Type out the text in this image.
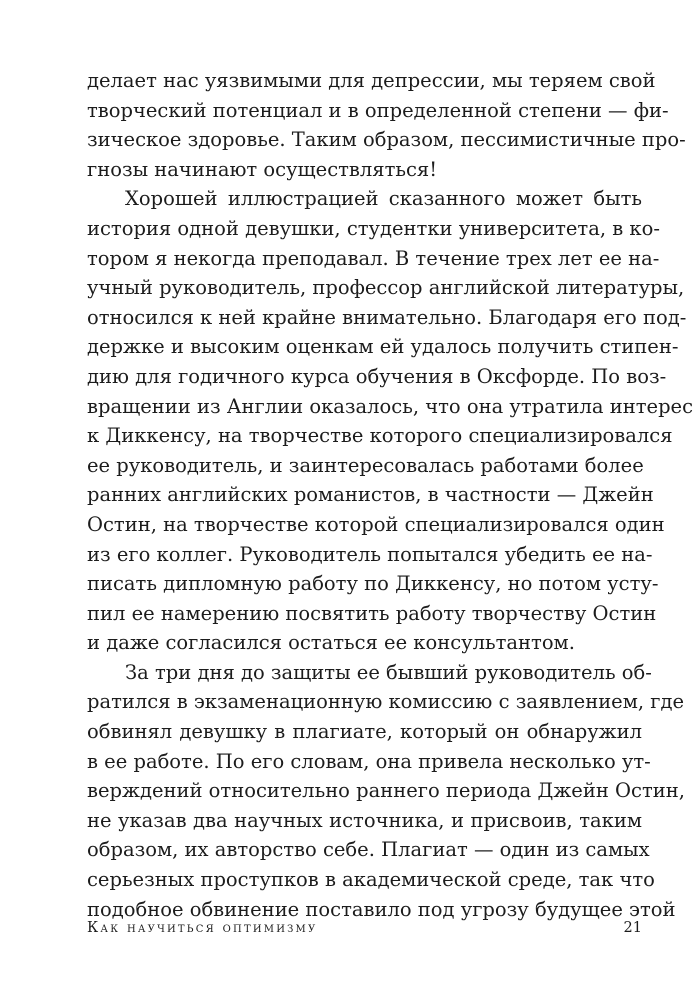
делает нас уязвимыми для депрессии, мы теряем свой
творческий потенциал и в определенной степени — фи-
зическое здоровье. Таким образом, пессимистичные про-
гнозы начинают осуществляться!
Хорошей иллюстрацией сказанного может быть
история одной девушки, студентки университета, в ко-
тором я некогда преподавал. В течение трех лет ее на-
учный руководитель, профессор английской литературы,
относился к ней крайне внимательно. Благодаря его под-
держке и высоким оценкам ей удалось получить стипен-
дию для годичного курса обучения в Оксфорде. По воз-
вращении из Англии оказалось, что она утратила интерес
к Диккенсу, на творчестве которого специализировался
ее руководитель, и заинтересовалась работами более
ранних английских романистов, в частности — Джейн
Остин, на творчестве которой специализировался один
из его коллег. Руководитель попытался убедить ее на-
писать дипломную работу по Диккенсу, но потом усту-
пил ее намерению посвятить работу творчеству Остин
и даже согласился остаться ее консультантом.
За три дня до защиты ее бывший руководитель об-
ратился в экзаменационную комиссию с заявлением, где
обвинял девушку в плагиате, который он обнаружил
в ее работе. По его словам, она привела несколько ут-
верждений относительно раннего периода Джейн Остин,
не указав два научных источника, и присвоив, таким
образом, их авторство себе. Плагиат — один из самых
серьезных проступков в академической среде, так что
подобное обвинение поставило под угрозу будущее этой
Как научиться оптимизму	21
